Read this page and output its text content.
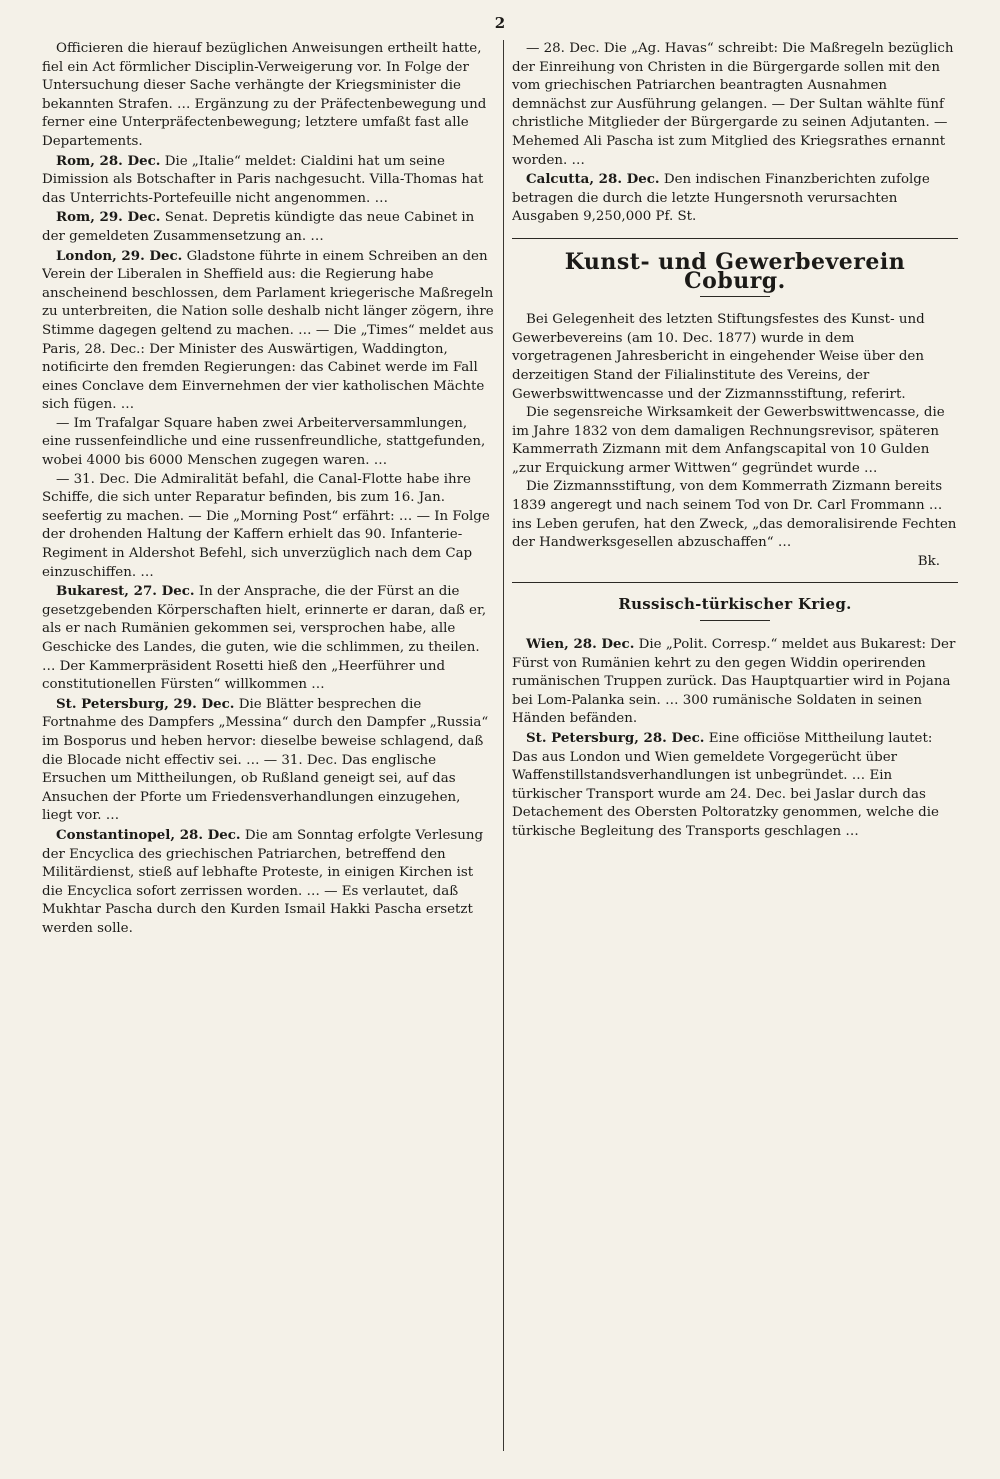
2

Officieren die hierauf bezüglichen Anweisungen ertheilt hatte, fiel ein Act förmlicher Disciplin-Verweigerung vor. In Folge der Untersuchung dieser Sache verhängte der Kriegsminister die bekannten Strafen. … Ergänzung zu der Präfectenbewegung und ferner eine Unterpräfectenbewegung; letztere umfaßt fast alle Departements.

Rom, 28. Dec. Die „Italie“ meldet: Cialdini hat um seine Dimission als Botschafter in Paris nachgesucht. Villa-Thomas hat das Unterrichts-Portefeuille nicht angenommen. …

Rom, 29. Dec. Senat. Depretis kündigte das neue Cabinet in der gemeldeten Zusammensetzung an. …

London, 29. Dec. Gladstone führte in einem Schreiben an den Verein der Liberalen in Sheffield aus: die Regierung habe anscheinend beschlossen, dem Parlament kriegerische Maßregeln zu unterbreiten, die Nation solle deshalb nicht länger zögern, ihre Stimme dagegen geltend zu machen. … — Die „Times“ meldet aus Paris, 28. Dec.: Der Minister des Auswärtigen, Waddington, notificirte den fremden Regierungen: das Cabinet werde im Fall eines Conclave dem Einvernehmen der vier katholischen Mächte sich fügen. …

— Im Trafalgar Square haben zwei Arbeiterversammlungen, eine russenfeindliche und eine russenfreundliche, stattgefunden, wobei 4000 bis 6000 Menschen zugegen waren. …

— 31. Dec. Die Admiralität befahl, die Canal-Flotte habe ihre Schiffe, die sich unter Reparatur befinden, bis zum 16. Jan. seefertig zu machen. — Die „Morning Post“ erfährt: … — In Folge der drohenden Haltung der Kaffern erhielt das 90. Infanterie-Regiment in Aldershot Befehl, sich unverzüglich nach dem Cap einzuschiffen. …

Bukarest, 27. Dec. In der Ansprache, die der Fürst an die gesetzgebenden Körperschaften hielt, erinnerte er daran, daß er, als er nach Rumänien gekommen sei, versprochen habe, alle Geschicke des Landes, die guten, wie die schlimmen, zu theilen. … Der Kammerpräsident Rosetti hieß den „Heerführer und constitutionellen Fürsten“ willkommen …

St. Petersburg, 29. Dec. Die Blätter besprechen die Fortnahme des Dampfers „Messina“ durch den Dampfer „Russia“ im Bosporus und heben hervor: dieselbe beweise schlagend, daß die Blocade nicht effectiv sei. … — 31. Dec. Das englische Ersuchen um Mittheilungen, ob Rußland geneigt sei, auf das Ansuchen der Pforte um Friedensverhandlungen einzugehen, liegt vor. …

Constantinopel, 28. Dec. Die am Sonntag erfolgte Verlesung der Encyclica des griechischen Patriarchen, betreffend den Militärdienst, stieß auf lebhafte Proteste, in einigen Kirchen ist die Encyclica sofort zerrissen worden. … — Es verlautet, daß Mukhtar Pascha durch den Kurden Ismail Hakki Pascha ersetzt werden solle.

— 28. Dec. Die „Ag. Havas“ schreibt: Die Maßregeln bezüglich der Einreihung von Christen in die Bürgergarde sollen mit den vom griechischen Patriarchen beantragten Ausnahmen demnächst zur Ausführung gelangen. — Der Sultan wählte fünf christliche Mitglieder der Bürgergarde zu seinen Adjutanten. — Mehemed Ali Pascha ist zum Mitglied des Kriegsrathes ernannt worden. …

Calcutta, 28. Dec. Den indischen Finanzberichten zufolge betragen die durch die letzte Hungersnoth verursachten Ausgaben 9,250,000 Pf. St.

Kunst- und Gewerbeverein Coburg.

Bei Gelegenheit des letzten Stiftungsfestes des Kunst- und Gewerbevereins (am 10. Dec. 1877) wurde in dem vorgetragenen Jahresbericht in eingehender Weise über den derzeitigen Stand der Filialinstitute des Vereins, der Gewerbswittwencasse und der Zizmannsstiftung, referirt.

Die segensreiche Wirksamkeit der Gewerbswittwencasse, die im Jahre 1832 von dem damaligen Rechnungsrevisor, späteren Kammerrath Zizmann mit dem Anfangscapital von 10 Gulden „zur Erquickung armer Wittwen“ gegründet wurde …

Die Zizmannsstiftung, von dem Kommerrath Zizmann bereits 1839 angeregt und nach seinem Tod von Dr. Carl Frommann … ins Leben gerufen, hat den Zweck, „das demoralisirende Fechten der Handwerksgesellen abzuschaffen“ …

Bk.
Russisch-türkischer Krieg.

Wien, 28. Dec. Die „Polit. Corresp.“ meldet aus Bukarest: Der Fürst von Rumänien kehrt zu den gegen Widdin operirenden rumänischen Truppen zurück. Das Hauptquartier wird in Pojana bei Lom-Palanka sein. … 300 rumänische Soldaten in seinen Händen befänden.

St. Petersburg, 28. Dec. Eine officiöse Mittheilung lautet: Das aus London und Wien gemeldete Vorgegerücht über Waffenstillstandsverhandlungen ist unbegründet. … Ein türkischer Transport wurde am 24. Dec. bei Jaslar durch das Detachement des Obersten Poltoratzky genommen, welche die türkische Begleitung des Transports geschlagen …
